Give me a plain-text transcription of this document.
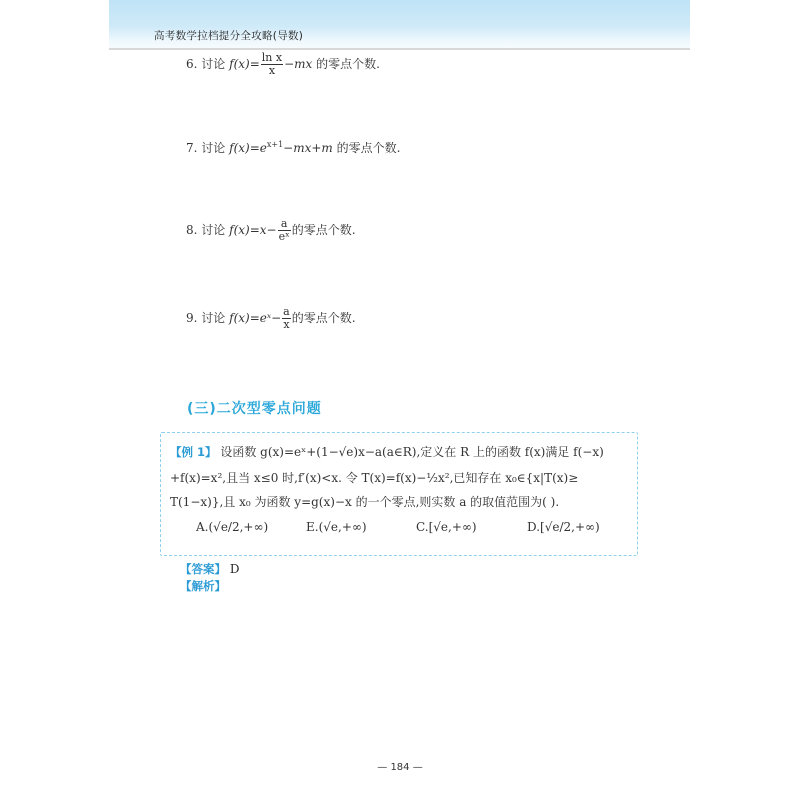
高考数学拉档提分全攻略(导数)
6. 讨论 $f(x)= \frac{\text{ln x}}{x} -mx$ 的零点个数.
7. 讨论 $f(x)=e^{x+1}-mx+m$ 的零点个数.
8. 讨论 $f(x)=x- \frac{a}{\text{eˣ}}$ 的零点个数.
9. 讨论 f(x)=eˣ− $\frac{a}{x}$ 的零点个数.
(三)二次型零点问题
【例 1】 设函数 g(x)=eˣ+(1−√e)x−a(a∈R),定义在 R 上的函数 f(x)满足 f(−x)
+f(x)=x²,且当 x≤0 时,f′(x)<x. 令 T(x)=f(x)−½x²,已知存在 x₀∈{x|T(x)≥
T(1−x)},且 x₀ 为函数 y=g(x)−x 的一个零点,则实数 a 的取值范围为( ).
A.(√e/2,+∞)	E.(√e,+∞)	C.[√e,+∞)	D.[√e/2,+∞)
【答案】 D
【解析】
— 184 —
